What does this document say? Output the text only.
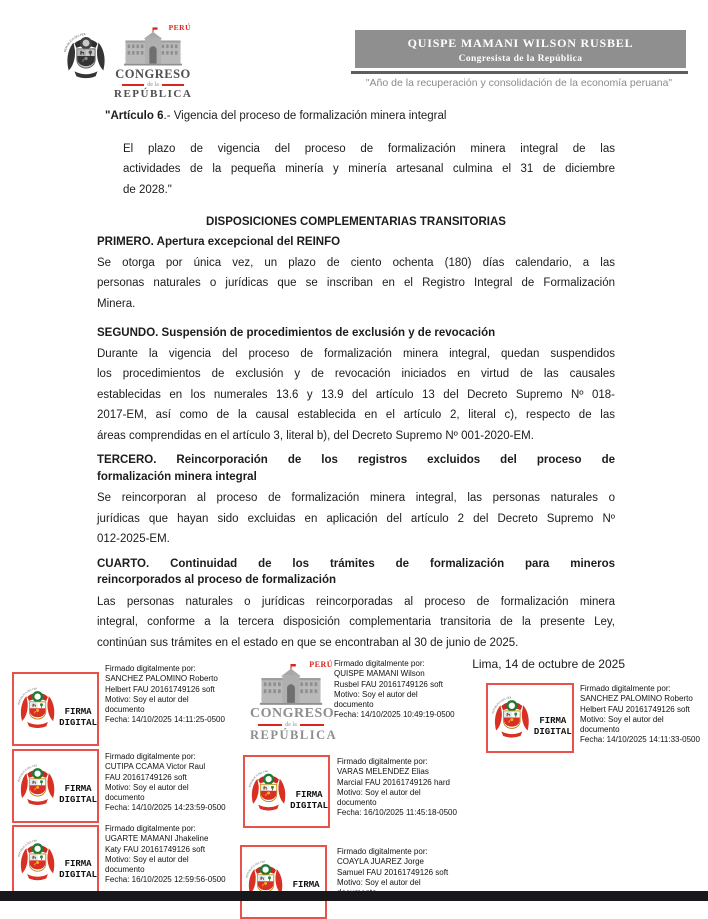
PERÚ
CONGRESO
de la
REPÚBLICA
QUISPE MAMANI WILSON RUSBEL
Congresista de la República
"Año de la recuperación y consolidación de la economía peruana"
"Artículo 6.- Vigencia del proceso de formalización minera integral
El plazo de vigencia del proceso de formalización minera integral de las
actividades de la pequeña minería y minería artesanal culmina el 31 de diciembre
de 2028."
DISPOSICIONES COMPLEMENTARIAS TRANSITORIAS
PRIMERO. Apertura excepcional del REINFO
Se otorga por única vez, un plazo de ciento ochenta (180) días calendario, a las
personas naturales o jurídicas que se inscriban en el Registro Integral de Formalización
Minera.
SEGUNDO. Suspensión de procedimientos de exclusión y de revocación
Durante la vigencia del proceso de formalización minera integral, quedan suspendidos
los procedimientos de exclusión y de revocación iniciados en virtud de las causales
establecidas en los numerales 13.6 y 13.9 del artículo 13 del Decreto Supremo Nº 018-
2017-EM, así como de la causal establecida en el artículo 2, literal c), respecto de las
áreas comprendidas en el artículo 3, literal b), del Decreto Supremo Nº 001-2020-EM.
TERCERO. Reincorporación de los registros excluidos del proceso de
formalización minera integral
Se reincorporan al proceso de formalización minera integral, las personas naturales o
jurídicas que hayan sido excluidas en aplicación del artículo 2 del Decreto Supremo Nº
012-2025-EM.
CUARTO. Continuidad de los trámites de formalización para mineros
reincorporados al proceso de formalización
Las personas naturales o jurídicas reincorporadas al proceso de formalización minera
integral, conforme a la tercera disposición complementaria transitoria de la presente Ley,
continúan sus trámites en el estado en que se encontraban al 30 de junio de 2025.
Lima, 14 de octubre de 2025
FIRMA
DIGITAL
Firmado digitalmente por:
SANCHEZ PALOMINO Roberto
Helbert FAU 20161749126 soft
Motivo: Soy el autor del
documento
Fecha: 14/10/2025 14:11:25-0500
PERÚ
CONGRESO
de la
REPÚBLICA
Firmado digitalmente por:
QUISPE MAMANI Wilson
Rusbel FAU 20161749126 soft
Motivo: Soy el autor del
documento
Fecha: 14/10/2025 10:49:19-0500
FIRMA
DIGITAL
Firmado digitalmente por:
SANCHEZ PALOMINO Roberto
Helbert FAU 20161749126 soft
Motivo: Soy el autor del
documento
Fecha: 14/10/2025 14:11:33-0500
FIRMA
DIGITAL
Firmado digitalmente por:
CUTIPA CCAMA Victor Raul
FAU 20161749126 soft
Motivo: Soy el autor del
documento
Fecha: 14/10/2025 14:23:59-0500
FIRMA
DIGITAL
Firmado digitalmente por:
VARAS MELENDEZ Elias
Marcial FAU 20161749126 hard
Motivo: Soy el autor del
documento
Fecha: 16/10/2025 11:45:18-0500
FIRMA
DIGITAL
Firmado digitalmente por:
UGARTE MAMANI Jhakeline
Katy FAU 20161749126 soft
Motivo: Soy el autor del
documento
Fecha: 16/10/2025 12:59:56-0500
FIRMA
Firmado digitalmente por:
COAYLA JUAREZ Jorge
Samuel FAU 20161749126 soft
Motivo: Soy el autor del
